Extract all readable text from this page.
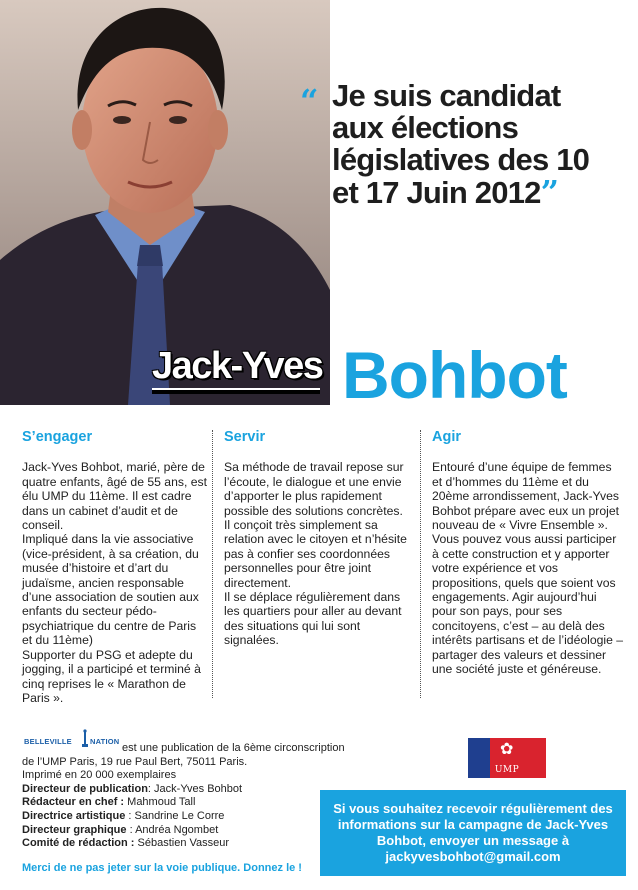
“ Je suis candidat aux élections législatives des 10 et 17 Juin 2012”
Jack-Yves Bohbot
S’engager

Jack-Yves Bohbot, marié, père de quatre enfants, âgé de 55 ans, est élu UMP du 11ème. Il est cadre dans un cabinet d’audit et de conseil.

Impliqué dans la vie associative (vice-président, à sa création, du musée d’histoire et d’art du judaïsme, ancien responsable d’une association de soutien aux enfants du secteur pédo-psychiatrique du centre de Paris et du 11ème)

Supporter du PSG et adepte du jogging, il a participé et terminé à cinq reprises le « Marathon de Paris ».

Servir

Sa méthode de travail repose sur l’écoute, le dialogue et une envie d’apporter le plus rapidement possible des solutions concrètes.

Il conçoit très simplement sa relation avec le citoyen et n’hésite pas à confier ses coordonnées personnelles pour être joint directement.

Il se déplace régulièrement dans les quartiers pour aller au devant des situations qui lui sont signalées.

Agir

Entouré d’une équipe de femmes et d’hommes du 11ème et du 20ème arrondissement, Jack-Yves Bohbot prépare avec eux un projet nouveau de « Vivre Ensemble ». Vous pouvez vous aussi participer à cette construction et y apporter votre expérience et vos propositions, quels que soient vos engagements. Agir aujourd’hui pour son pays, pour ses concitoyens, c’est – au delà des intérêts partisans et de l’idéologie – partager des valeurs et dessiner une société juste et généreuse.

BELLEVILLE NATION
est une publication de la 6ème circonscription de l’UMP Paris, 19 rue Paul Bert, 75011 Paris.
Imprimé en 20 000 exemplaires
Directeur de publication: Jack-Yves Bohbot
Rédacteur en chef : Mahmoud Tall
Directrice artistique : Sandrine Le Corre
Directeur graphique : Andréa Ngombet
Comité de rédaction : Sébastien Vasseur
✿
UMP
Si vous souhaitez recevoir régulièrement des informations sur la campagne de Jack-Yves Bohbot, envoyer un message à jackyvesbohbot@gmail.com
Merci de ne pas jeter sur la voie publique. Donnez le !
